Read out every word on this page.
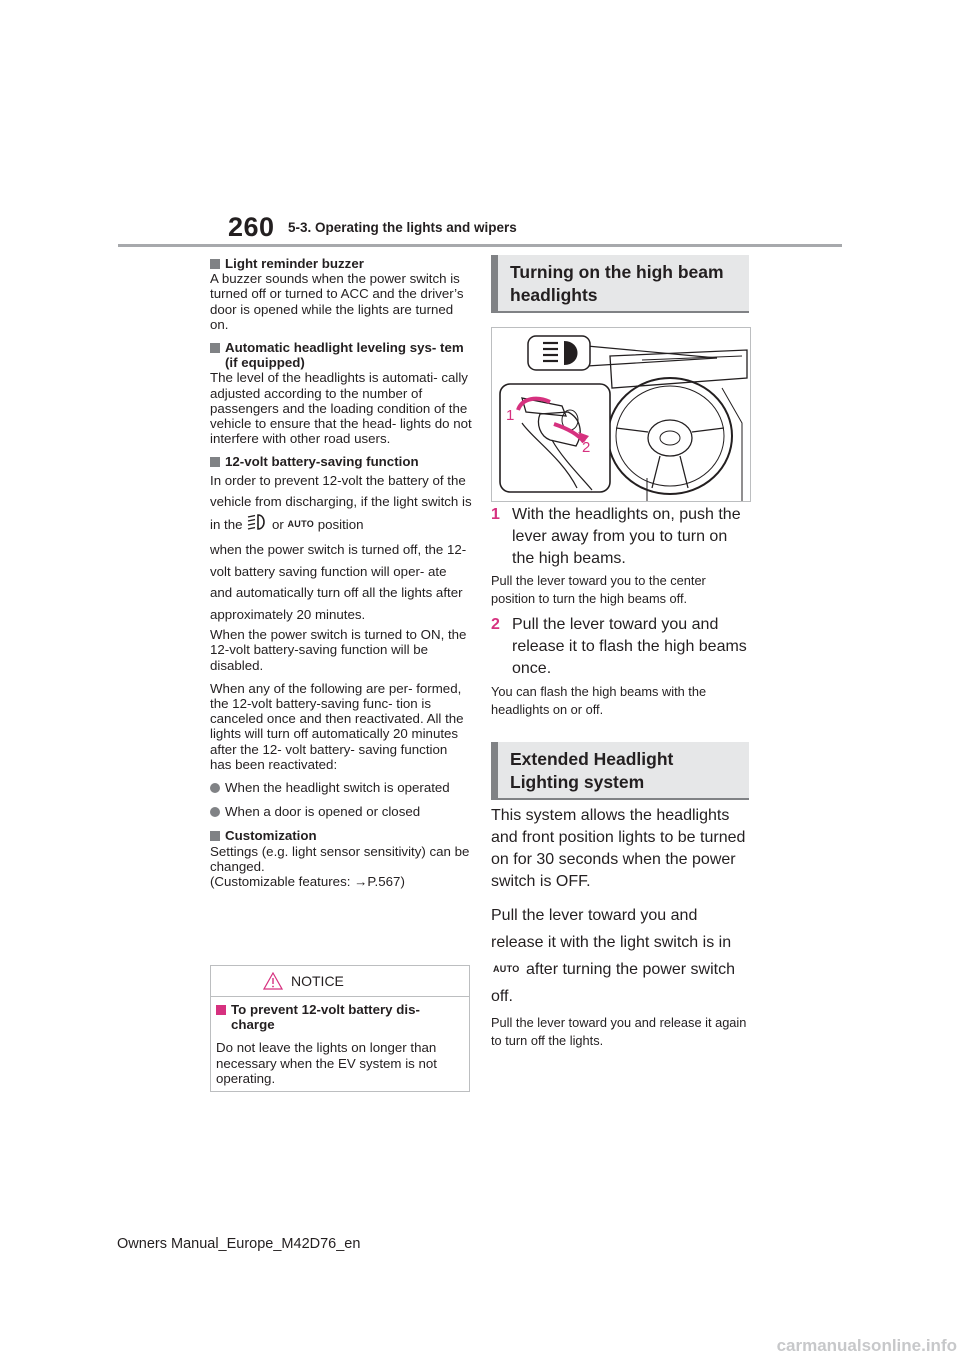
260 5-3. Operating the lights and wipers

Light reminder buzzer

A buzzer sounds when the power switch is turned off or turned to ACC and the driver’s door is opened while the lights are turned on.

Automatic headlight leveling sys- tem (if equipped)

The level of the headlights is automati- cally adjusted according to the number of passengers and the loading condition of the vehicle to ensure that the head- lights do not interfere with other road users.

12-volt battery-saving function

In order to prevent 12-volt the battery of the vehicle from discharging, if the light switch is in the or AUTO position

when the power switch is turned off, the 12-volt battery saving function will oper- ate and automatically turn off all the lights after approximately 20 minutes.

When the power switch is turned to ON, the 12-volt battery-saving function will be disabled.

When any of the following are per- formed, the 12-volt battery-saving func- tion is canceled once and then reactivated. All the lights will turn off automatically 20 minutes after the 12- volt battery- saving function has been reactivated:

When the headlight switch is operated

When a door is opened or closed

Customization

Settings (e.g. light sensor sensitivity) can be changed.

(Customizable features: →P.567)

NOTICE

To prevent 12-volt battery dis- charge

Do not leave the lights on longer than necessary when the EV system is not operating.

Turning on the high beam headlights
1
2
1 With the headlights on, push the lever away from you to turn on the high beams.
Pull the lever toward you to the center position to turn the high beams off.
2 Pull the lever toward you and release it to flash the high beams once.
You can flash the high beams with the headlights on or off.
Extended Headlight Lighting system
This system allows the headlights and front position lights to be turned on for 30 seconds when the power switch is OFF.
Pull the lever toward you and release it with the light switch is in AUTO after turning the power switch off.
Pull the lever toward you and release it again to turn off the lights.
Owners Manual_Europe_M42D76_en
carmanualsonline.info
